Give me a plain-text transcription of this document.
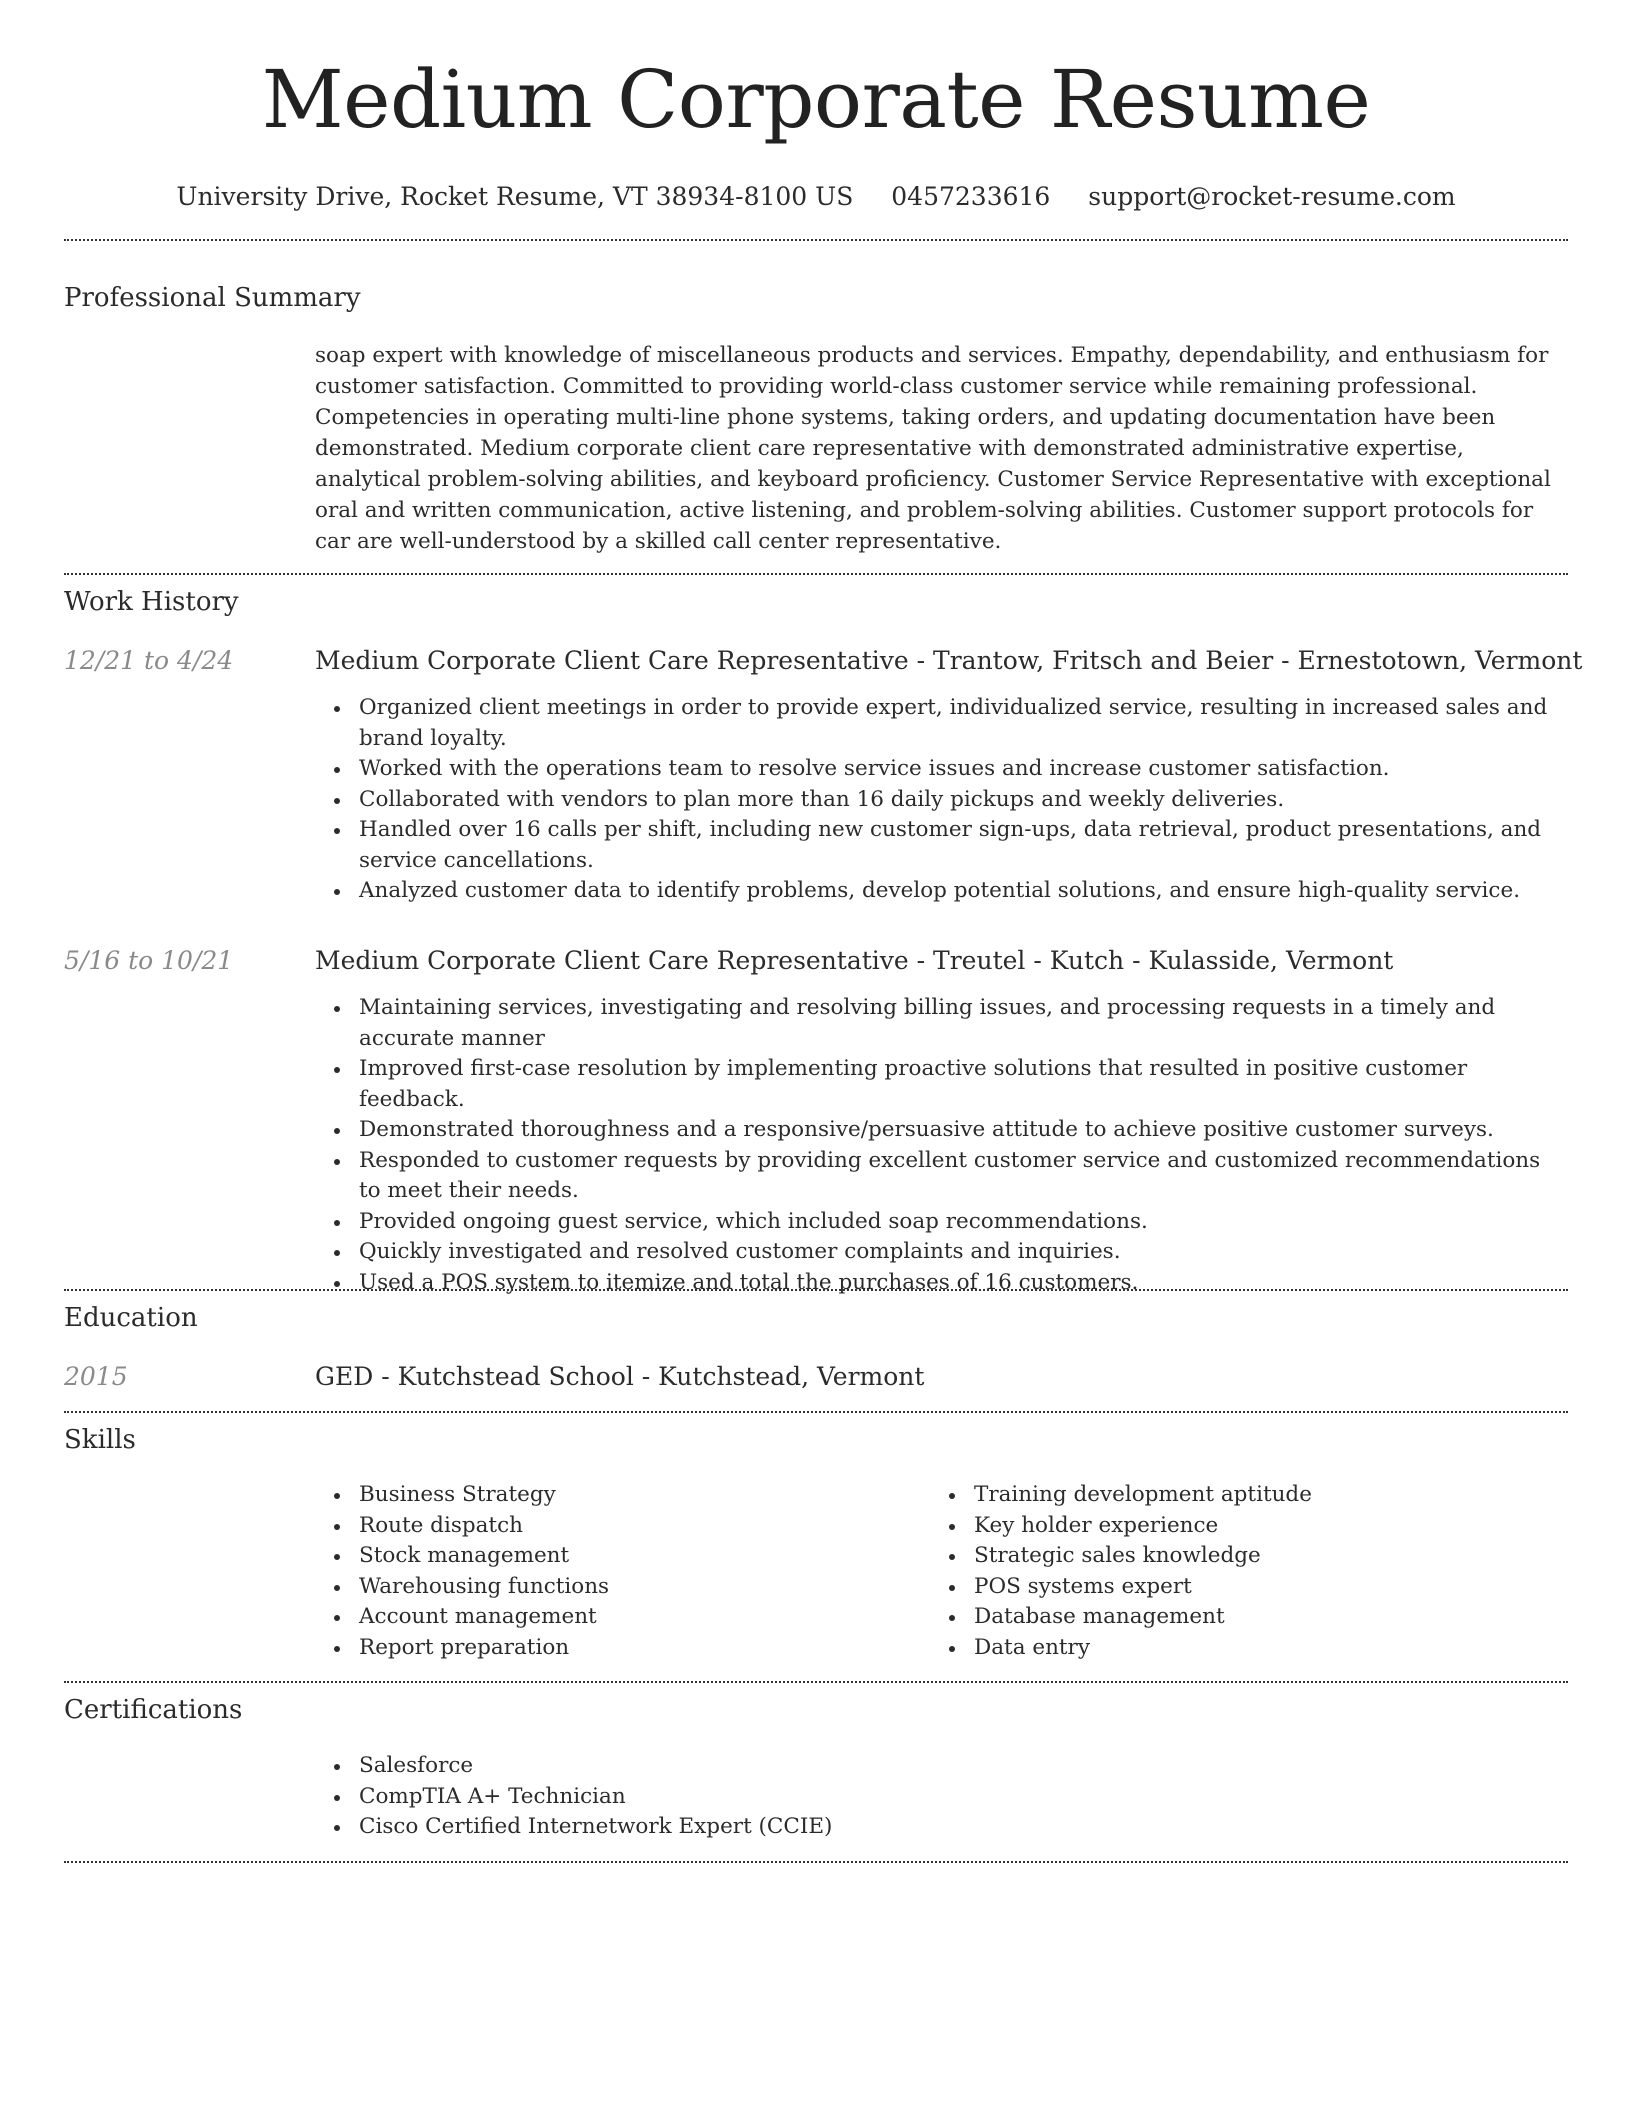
Medium Corporate Resume
University Drive, Rocket Resume, VT 38934-8100 US 0457233616 support@rocket-resume.com
Professional Summary
soap expert with knowledge of miscellaneous products and services. Empathy, dependability, and enthusiasm for customer satisfaction. Committed to providing world-class customer service while remaining professional. Competencies in operating multi-line phone systems, taking orders, and updating documentation have been demonstrated. Medium corporate client care representative with demonstrated administrative expertise, analytical problem-solving abilities, and keyboard proficiency. Customer Service Representative with exceptional oral and written communication, active listening, and problem-solving abilities. Customer support protocols for car are well-understood by a skilled call center representative.
Work History
12/21 to 4/24	Medium Corporate Client Care Representative - Trantow, Fritsch and Beier - Ernestotown, Vermont
Organized client meetings in order to provide expert, individualized service, resulting in increased sales and brand loyalty.
Worked with the operations team to resolve service issues and increase customer satisfaction.
Collaborated with vendors to plan more than 16 daily pickups and weekly deliveries.
Handled over 16 calls per shift, including new customer sign-ups, data retrieval, product presentations, and service cancellations.
Analyzed customer data to identify problems, develop potential solutions, and ensure high-quality service.
5/16 to 10/21	Medium Corporate Client Care Representative - Treutel - Kutch - Kulasside, Vermont
Maintaining services, investigating and resolving billing issues, and processing requests in a timely and accurate manner
Improved first-case resolution by implementing proactive solutions that resulted in positive customer feedback.
Demonstrated thoroughness and a responsive/persuasive attitude to achieve positive customer surveys.
Responded to customer requests by providing excellent customer service and customized recommendations to meet their needs.
Provided ongoing guest service, which included soap recommendations.
Quickly investigated and resolved customer complaints and inquiries.
Used a POS system to itemize and total the purchases of 16 customers.
Education
2015	GED - Kutchstead School - Kutchstead, Vermont
Skills
Business Strategy
Route dispatch
Stock management
Warehousing functions
Account management
Report preparation
Training development aptitude
Key holder experience
Strategic sales knowledge
POS systems expert
Database management
Data entry
Certifications
Salesforce
CompTIA A+ Technician
Cisco Certified Internetwork Expert (CCIE)
